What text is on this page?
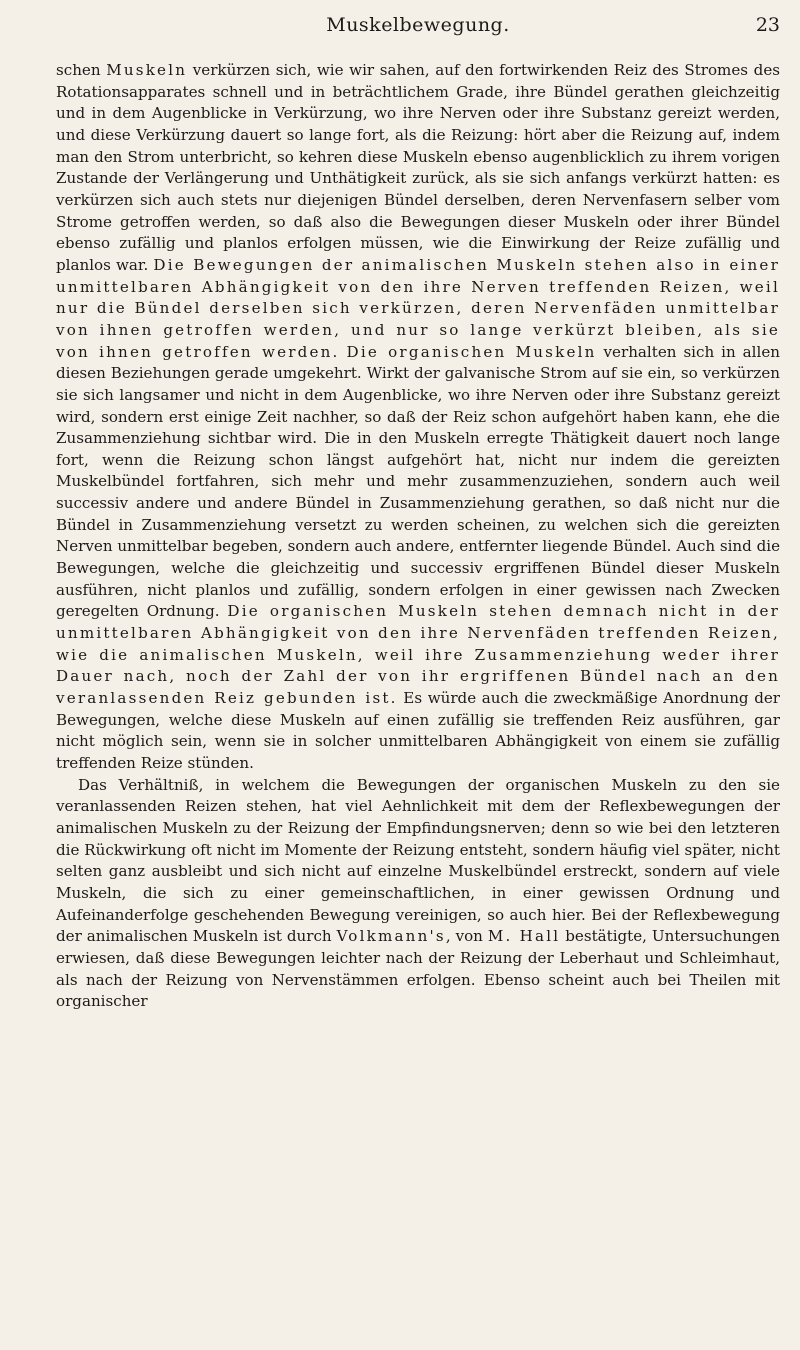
Muskelbewegung.	23

schen Muskeln verkürzen sich, wie wir sahen, auf den fortwirkenden Reiz des Stromes des Rotationsapparates schnell und in beträchtlichem Grade, ihre Bündel gerathen gleichzeitig und in dem Augenblicke in Verkürzung, wo ihre Nerven oder ihre Substanz gereizt werden, und diese Verkürzung dauert so lange fort, als die Reizung: hört aber die Reizung auf, indem man den Strom unterbricht, so kehren diese Muskeln ebenso augenblicklich zu ihrem vorigen Zustande der Verlängerung und Unthätigkeit zurück, als sie sich anfangs verkürzt hatten: es verkürzen sich auch stets nur diejenigen Bündel derselben, deren Nervenfasern selber vom Strome getroffen werden, so daß also die Bewegungen dieser Muskeln oder ihrer Bündel ebenso zufällig und planlos erfolgen müssen, wie die Einwirkung der Reize zufällig und planlos war. Die Bewegungen der animalischen Muskeln stehen also in einer unmittelbaren Abhängigkeit von den ihre Nerven treffenden Reizen, weil nur die Bündel derselben sich verkürzen, deren Nervenfäden unmittelbar von ihnen getroffen werden, und nur so lange verkürzt bleiben, als sie von ihnen getroffen werden. Die organischen Muskeln verhalten sich in allen diesen Beziehungen gerade umgekehrt. Wirkt der galvanische Strom auf sie ein, so verkürzen sie sich langsamer und nicht in dem Augenblicke, wo ihre Nerven oder ihre Substanz gereizt wird, sondern erst einige Zeit nachher, so daß der Reiz schon aufgehört haben kann, ehe die Zusammenziehung sichtbar wird. Die in den Muskeln erregte Thätigkeit dauert noch lange fort, wenn die Reizung schon längst aufgehört hat, nicht nur indem die gereizten Muskelbündel fortfahren, sich mehr und mehr zusammenzuziehen, sondern auch weil successiv andere und andere Bündel in Zusammenziehung gerathen, so daß nicht nur die Bündel in Zusammenziehung versetzt zu werden scheinen, zu welchen sich die gereizten Nerven unmittelbar begeben, sondern auch andere, entfernter liegende Bündel. Auch sind die Bewegungen, welche die gleichzeitig und successiv ergriffenen Bündel dieser Muskeln ausführen, nicht planlos und zufällig, sondern erfolgen in einer gewissen nach Zwecken geregelten Ordnung. Die organischen Muskeln stehen demnach nicht in der unmittelbaren Abhängigkeit von den ihre Nervenfäden treffenden Reizen, wie die animalischen Muskeln, weil ihre Zusammenziehung weder ihrer Dauer nach, noch der Zahl der von ihr ergriffenen Bündel nach an den veranlassenden Reiz gebunden ist. Es würde auch die zweckmäßige Anordnung der Bewegungen, welche diese Muskeln auf einen zufällig sie treffenden Reiz ausführen, gar nicht möglich sein, wenn sie in solcher unmittelbaren Abhängigkeit von einem sie zufällig treffenden Reize stünden.

Das Verhältniß, in welchem die Bewegungen der organischen Muskeln zu den sie veranlassenden Reizen stehen, hat viel Aehnlichkeit mit dem der Reflexbewegungen der animalischen Muskeln zu der Reizung der Empfindungsnerven; denn so wie bei den letzteren die Rückwirkung oft nicht im Momente der Reizung entsteht, sondern häufig viel später, nicht selten ganz ausbleibt und sich nicht auf einzelne Muskelbündel erstreckt, sondern auf viele Muskeln, die sich zu einer gemeinschaftlichen, in einer gewissen Ordnung und Aufeinanderfolge geschehenden Bewegung vereinigen, so auch hier. Bei der Reflexbewegung der animalischen Muskeln ist durch Volkmann's, von M. Hall bestätigte, Untersuchungen erwiesen, daß diese Bewegungen leichter nach der Reizung der Leberhaut und Schleimhaut, als nach der Reizung von Nervenstämmen erfolgen. Ebenso scheint auch bei Theilen mit organischer
